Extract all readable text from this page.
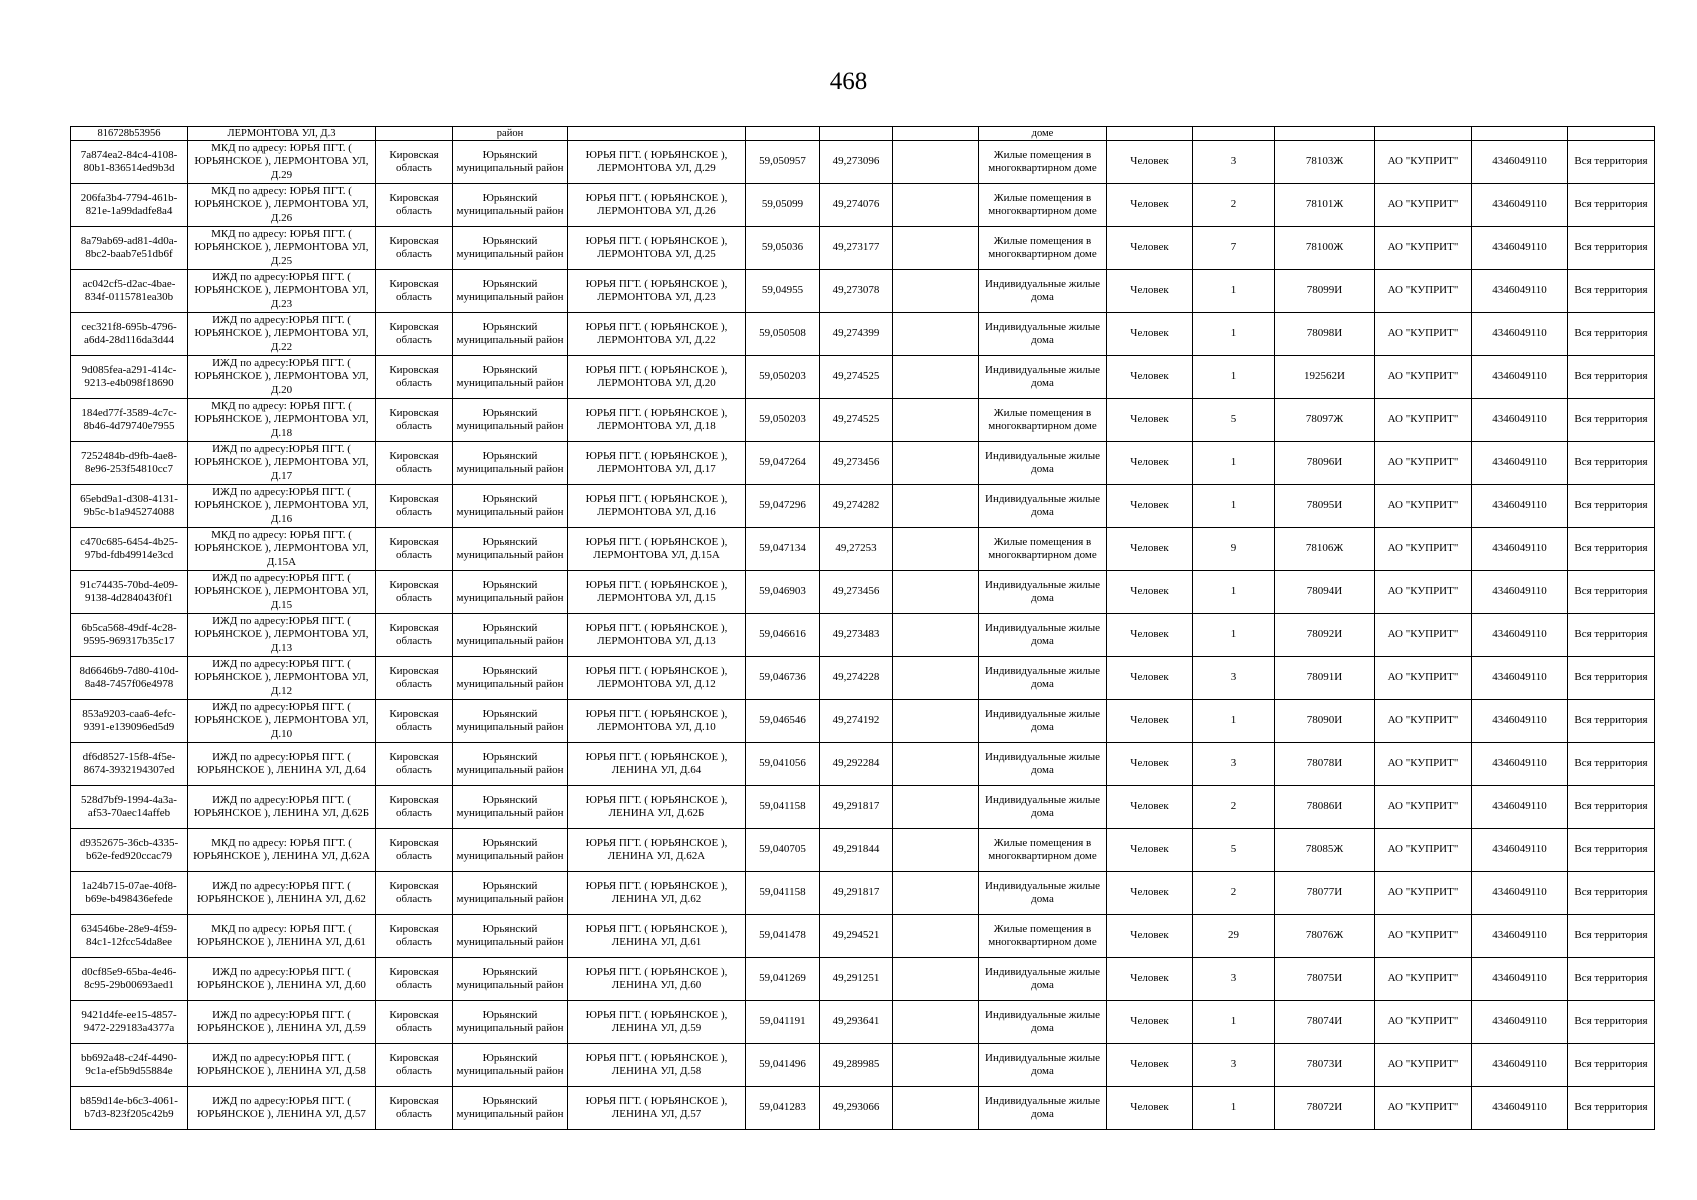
468
816728b53956	ЛЕРМОНТОВА УЛ, Д.3		район					доме						
7a874ea2-84c4-4108-80b1-836514ed9b3d	МКД по адресу: ЮРЬЯ ПГТ. ( ЮРЬЯНСКОЕ ), ЛЕРМОНТОВА УЛ, Д.29	Кировская область	Юрьянский муниципальный район	ЮРЬЯ ПГТ. ( ЮРЬЯНСКОЕ ), ЛЕРМОНТОВА УЛ, Д.29	59,050957	49,273096		Жилые помещения в многоквартирном доме	Человек	3	78103Ж	АО "КУПРИТ"	4346049110	Вся территория
206fa3b4-7794-461b-821e-1a99dadfe8a4	МКД по адресу: ЮРЬЯ ПГТ. ( ЮРЬЯНСКОЕ ), ЛЕРМОНТОВА УЛ, Д.26	Кировская область	Юрьянский муниципальный район	ЮРЬЯ ПГТ. ( ЮРЬЯНСКОЕ ), ЛЕРМОНТОВА УЛ, Д.26	59,05099	49,274076		Жилые помещения в многоквартирном доме	Человек	2	78101Ж	АО "КУПРИТ"	4346049110	Вся территория
8a79ab69-ad81-4d0a-8bc2-baab7e51db6f	МКД по адресу: ЮРЬЯ ПГТ. ( ЮРЬЯНСКОЕ ), ЛЕРМОНТОВА УЛ, Д.25	Кировская область	Юрьянский муниципальный район	ЮРЬЯ ПГТ. ( ЮРЬЯНСКОЕ ), ЛЕРМОНТОВА УЛ, Д.25	59,05036	49,273177		Жилые помещения в многоквартирном доме	Человек	7	78100Ж	АО "КУПРИТ"	4346049110	Вся территория
ac042cf5-d2ac-4bae-834f-0115781ea30b	ИЖД по адресу:ЮРЬЯ ПГТ. ( ЮРЬЯНСКОЕ ), ЛЕРМОНТОВА УЛ, Д.23	Кировская область	Юрьянский муниципальный район	ЮРЬЯ ПГТ. ( ЮРЬЯНСКОЕ ), ЛЕРМОНТОВА УЛ, Д.23	59,04955	49,273078		Индивидуальные жилые дома	Человек	1	78099И	АО "КУПРИТ"	4346049110	Вся территория
cec321f8-695b-4796-a6d4-28d116da3d44	ИЖД по адресу:ЮРЬЯ ПГТ. ( ЮРЬЯНСКОЕ ), ЛЕРМОНТОВА УЛ, Д.22	Кировская область	Юрьянский муниципальный район	ЮРЬЯ ПГТ. ( ЮРЬЯНСКОЕ ), ЛЕРМОНТОВА УЛ, Д.22	59,050508	49,274399		Индивидуальные жилые дома	Человек	1	78098И	АО "КУПРИТ"	4346049110	Вся территория
9d085fea-a291-414c-9213-e4b098f18690	ИЖД по адресу:ЮРЬЯ ПГТ. ( ЮРЬЯНСКОЕ ), ЛЕРМОНТОВА УЛ, Д.20	Кировская область	Юрьянский муниципальный район	ЮРЬЯ ПГТ. ( ЮРЬЯНСКОЕ ), ЛЕРМОНТОВА УЛ, Д.20	59,050203	49,274525		Индивидуальные жилые дома	Человек	1	192562И	АО "КУПРИТ"	4346049110	Вся территория
184ed77f-3589-4c7c-8b46-4d79740e7955	МКД по адресу: ЮРЬЯ ПГТ. ( ЮРЬЯНСКОЕ ), ЛЕРМОНТОВА УЛ, Д.18	Кировская область	Юрьянский муниципальный район	ЮРЬЯ ПГТ. ( ЮРЬЯНСКОЕ ), ЛЕРМОНТОВА УЛ, Д.18	59,050203	49,274525		Жилые помещения в многоквартирном доме	Человек	5	78097Ж	АО "КУПРИТ"	4346049110	Вся территория
7252484b-d9fb-4ae8-8e96-253f54810cc7	ИЖД по адресу:ЮРЬЯ ПГТ. ( ЮРЬЯНСКОЕ ), ЛЕРМОНТОВА УЛ, Д.17	Кировская область	Юрьянский муниципальный район	ЮРЬЯ ПГТ. ( ЮРЬЯНСКОЕ ), ЛЕРМОНТОВА УЛ, Д.17	59,047264	49,273456		Индивидуальные жилые дома	Человек	1	78096И	АО "КУПРИТ"	4346049110	Вся территория
65ebd9a1-d308-4131-9b5c-b1a945274088	ИЖД по адресу:ЮРЬЯ ПГТ. ( ЮРЬЯНСКОЕ ), ЛЕРМОНТОВА УЛ, Д.16	Кировская область	Юрьянский муниципальный район	ЮРЬЯ ПГТ. ( ЮРЬЯНСКОЕ ), ЛЕРМОНТОВА УЛ, Д.16	59,047296	49,274282		Индивидуальные жилые дома	Человек	1	78095И	АО "КУПРИТ"	4346049110	Вся территория
c470c685-6454-4b25-97bd-fdb49914e3cd	МКД по адресу: ЮРЬЯ ПГТ. ( ЮРЬЯНСКОЕ ), ЛЕРМОНТОВА УЛ, Д.15А	Кировская область	Юрьянский муниципальный район	ЮРЬЯ ПГТ. ( ЮРЬЯНСКОЕ ), ЛЕРМОНТОВА УЛ, Д.15А	59,047134	49,27253		Жилые помещения в многоквартирном доме	Человек	9	78106Ж	АО "КУПРИТ"	4346049110	Вся территория
91c74435-70bd-4e09-9138-4d284043f0f1	ИЖД по адресу:ЮРЬЯ ПГТ. ( ЮРЬЯНСКОЕ ), ЛЕРМОНТОВА УЛ, Д.15	Кировская область	Юрьянский муниципальный район	ЮРЬЯ ПГТ. ( ЮРЬЯНСКОЕ ), ЛЕРМОНТОВА УЛ, Д.15	59,046903	49,273456		Индивидуальные жилые дома	Человек	1	78094И	АО "КУПРИТ"	4346049110	Вся территория
6b5ca568-49df-4c28-9595-969317b35c17	ИЖД по адресу:ЮРЬЯ ПГТ. ( ЮРЬЯНСКОЕ ), ЛЕРМОНТОВА УЛ, Д.13	Кировская область	Юрьянский муниципальный район	ЮРЬЯ ПГТ. ( ЮРЬЯНСКОЕ ), ЛЕРМОНТОВА УЛ, Д.13	59,046616	49,273483		Индивидуальные жилые дома	Человек	1	78092И	АО "КУПРИТ"	4346049110	Вся территория
8d6646b9-7d80-410d-8a48-7457f06e4978	ИЖД по адресу:ЮРЬЯ ПГТ. ( ЮРЬЯНСКОЕ ), ЛЕРМОНТОВА УЛ, Д.12	Кировская область	Юрьянский муниципальный район	ЮРЬЯ ПГТ. ( ЮРЬЯНСКОЕ ), ЛЕРМОНТОВА УЛ, Д.12	59,046736	49,274228		Индивидуальные жилые дома	Человек	3	78091И	АО "КУПРИТ"	4346049110	Вся территория
853a9203-caa6-4efc-9391-e139096ed5d9	ИЖД по адресу:ЮРЬЯ ПГТ. ( ЮРЬЯНСКОЕ ), ЛЕРМОНТОВА УЛ, Д.10	Кировская область	Юрьянский муниципальный район	ЮРЬЯ ПГТ. ( ЮРЬЯНСКОЕ ), ЛЕРМОНТОВА УЛ, Д.10	59,046546	49,274192		Индивидуальные жилые дома	Человек	1	78090И	АО "КУПРИТ"	4346049110	Вся территория
df6d8527-15f8-4f5e-8674-3932194307ed	ИЖД по адресу:ЮРЬЯ ПГТ. ( ЮРЬЯНСКОЕ ), ЛЕНИНА УЛ, Д.64	Кировская область	Юрьянский муниципальный район	ЮРЬЯ ПГТ. ( ЮРЬЯНСКОЕ ), ЛЕНИНА УЛ, Д.64	59,041056	49,292284		Индивидуальные жилые дома	Человек	3	78078И	АО "КУПРИТ"	4346049110	Вся территория
528d7bf9-1994-4a3a-af53-70aec14affeb	ИЖД по адресу:ЮРЬЯ ПГТ. ( ЮРЬЯНСКОЕ ), ЛЕНИНА УЛ, Д.62Б	Кировская область	Юрьянский муниципальный район	ЮРЬЯ ПГТ. ( ЮРЬЯНСКОЕ ), ЛЕНИНА УЛ, Д.62Б	59,041158	49,291817		Индивидуальные жилые дома	Человек	2	78086И	АО "КУПРИТ"	4346049110	Вся территория
d9352675-36cb-4335-b62e-fed920ccac79	МКД по адресу: ЮРЬЯ ПГТ. ( ЮРЬЯНСКОЕ ), ЛЕНИНА УЛ, Д.62А	Кировская область	Юрьянский муниципальный район	ЮРЬЯ ПГТ. ( ЮРЬЯНСКОЕ ), ЛЕНИНА УЛ, Д.62А	59,040705	49,291844		Жилые помещения в многоквартирном доме	Человек	5	78085Ж	АО "КУПРИТ"	4346049110	Вся территория
1a24b715-07ae-40f8-b69e-b498436efede	ИЖД по адресу:ЮРЬЯ ПГТ. ( ЮРЬЯНСКОЕ ), ЛЕНИНА УЛ, Д.62	Кировская область	Юрьянский муниципальный район	ЮРЬЯ ПГТ. ( ЮРЬЯНСКОЕ ), ЛЕНИНА УЛ, Д.62	59,041158	49,291817		Индивидуальные жилые дома	Человек	2	78077И	АО "КУПРИТ"	4346049110	Вся территория
634546be-28e9-4f59-84c1-12fcc54da8ee	МКД по адресу: ЮРЬЯ ПГТ. ( ЮРЬЯНСКОЕ ), ЛЕНИНА УЛ, Д.61	Кировская область	Юрьянский муниципальный район	ЮРЬЯ ПГТ. ( ЮРЬЯНСКОЕ ), ЛЕНИНА УЛ, Д.61	59,041478	49,294521		Жилые помещения в многоквартирном доме	Человек	29	78076Ж	АО "КУПРИТ"	4346049110	Вся территория
d0cf85e9-65ba-4e46-8c95-29b00693aed1	ИЖД по адресу:ЮРЬЯ ПГТ. ( ЮРЬЯНСКОЕ ), ЛЕНИНА УЛ, Д.60	Кировская область	Юрьянский муниципальный район	ЮРЬЯ ПГТ. ( ЮРЬЯНСКОЕ ), ЛЕНИНА УЛ, Д.60	59,041269	49,291251		Индивидуальные жилые дома	Человек	3	78075И	АО "КУПРИТ"	4346049110	Вся территория
9421d4fe-ee15-4857-9472-229183a4377a	ИЖД по адресу:ЮРЬЯ ПГТ. ( ЮРЬЯНСКОЕ ), ЛЕНИНА УЛ, Д.59	Кировская область	Юрьянский муниципальный район	ЮРЬЯ ПГТ. ( ЮРЬЯНСКОЕ ), ЛЕНИНА УЛ, Д.59	59,041191	49,293641		Индивидуальные жилые дома	Человек	1	78074И	АО "КУПРИТ"	4346049110	Вся территория
bb692a48-c24f-4490-9c1a-ef5b9d55884e	ИЖД по адресу:ЮРЬЯ ПГТ. ( ЮРЬЯНСКОЕ ), ЛЕНИНА УЛ, Д.58	Кировская область	Юрьянский муниципальный район	ЮРЬЯ ПГТ. ( ЮРЬЯНСКОЕ ), ЛЕНИНА УЛ, Д.58	59,041496	49,289985		Индивидуальные жилые дома	Человек	3	78073И	АО "КУПРИТ"	4346049110	Вся территория
b859d14e-b6c3-4061-b7d3-823f205c42b9	ИЖД по адресу:ЮРЬЯ ПГТ. ( ЮРЬЯНСКОЕ ), ЛЕНИНА УЛ, Д.57	Кировская область	Юрьянский муниципальный район	ЮРЬЯ ПГТ. ( ЮРЬЯНСКОЕ ), ЛЕНИНА УЛ, Д.57	59,041283	49,293066		Индивидуальные жилые дома	Человек	1	78072И	АО "КУПРИТ"	4346049110	Вся территория
